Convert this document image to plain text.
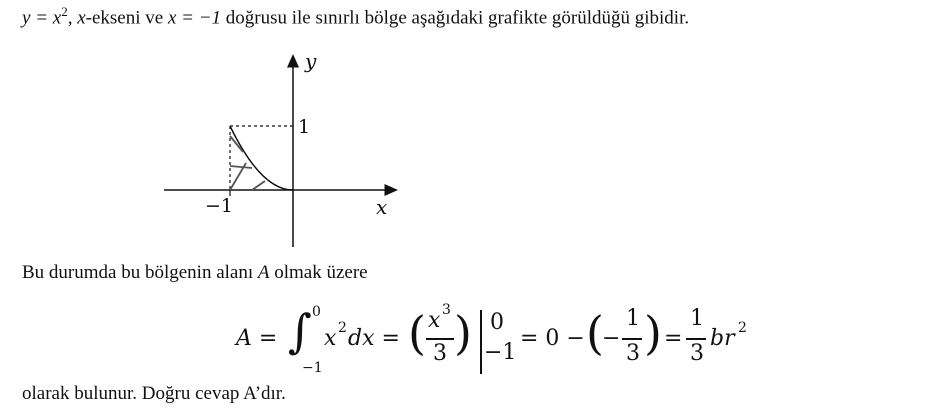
$y = x^2$, x-ekseni ve x = −1 doğrusu ile sınırlı bölge aşağıdaki grafikte görüldüğü gibidir.
y
x
1
−1
Bu durumda bu bölgenin alanı A olmak üzere
A = ∫ 0
−1
x 2 dx = ( x 3
3 ) 0
−1
= 0 − (
−
1
3 ) =
1
3
br 2
olarak bulunur. Doğru cevap A’dır.
